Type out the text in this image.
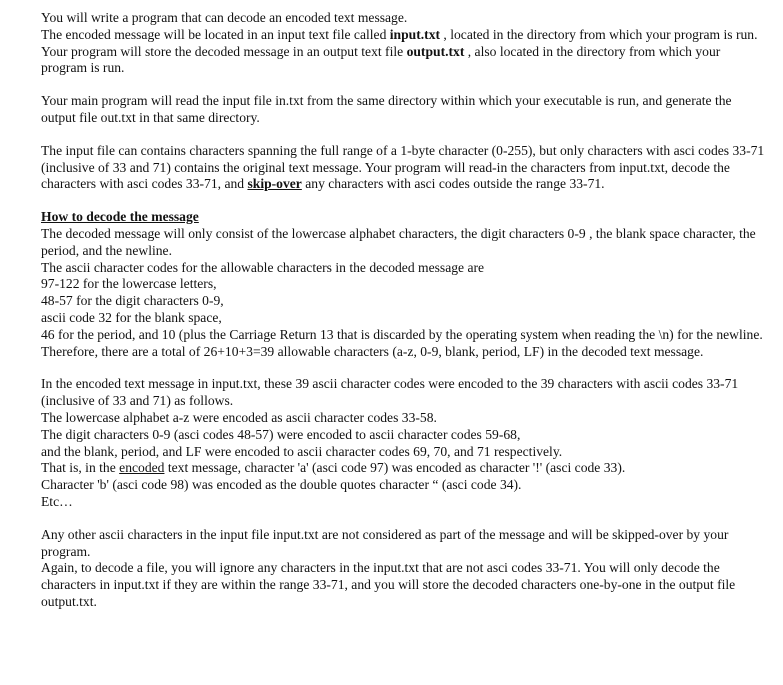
You will write a program that can decode an encoded text message.

The encoded message will be located in an input text file called input.txt , located in the directory from which your program is run.

Your program will store the decoded message in an output text file output.txt , also located in the directory from which your program is run.

Your main program will read the input file in.txt from the same directory within which your executable is run, and generate the output file out.txt in that same directory.

The input file can contains characters spanning the full range of a 1-byte character (0-255), but only characters with asci codes 33-71 (inclusive of 33 and 71) contains the original text message. Your program will read-in the characters from input.txt, decode the characters with asci codes 33-71, and skip-over any characters with asci codes outside the range 33-71.

How to decode the message

The decoded message will only consist of the lowercase alphabet characters, the digit characters 0-9 , the blank space character, the period, and the newline.

The ascii character codes for the allowable characters in the decoded message are

97-122 for the lowercase letters,

48-57 for the digit characters 0-9,

ascii code 32 for the blank space,

46 for the period, and 10 (plus the Carriage Return 13 that is discarded by the operating system when reading the \n) for the newline.

Therefore, there are a total of 26+10+3=39 allowable characters (a-z, 0-9, blank, period, LF) in the decoded text message.

In the encoded text message in input.txt, these 39 ascii character codes were encoded to the 39 characters with ascii codes 33-71 (inclusive of 33 and 71) as follows.

The lowercase alphabet a-z were encoded as ascii character codes 33-58.

The digit characters 0-9 (asci codes 48-57) were encoded to ascii character codes 59-68,

and the blank, period, and LF were encoded to ascii character codes 69, 70, and 71 respectively.

That is, in the encoded text message, character 'a' (asci code 97) was encoded as character '!' (asci code 33).

Character 'b' (asci code 98) was encoded as the double quotes character “ (asci code 34).

Etc…

Any other ascii characters in the input file input.txt are not considered as part of the message and will be skipped-over by your program.

Again, to decode a file, you will ignore any characters in the input.txt that are not asci codes 33-71. You will only decode the characters in input.txt if they are within the range 33-71, and you will store the decoded characters one-by-one in the output file output.txt.
